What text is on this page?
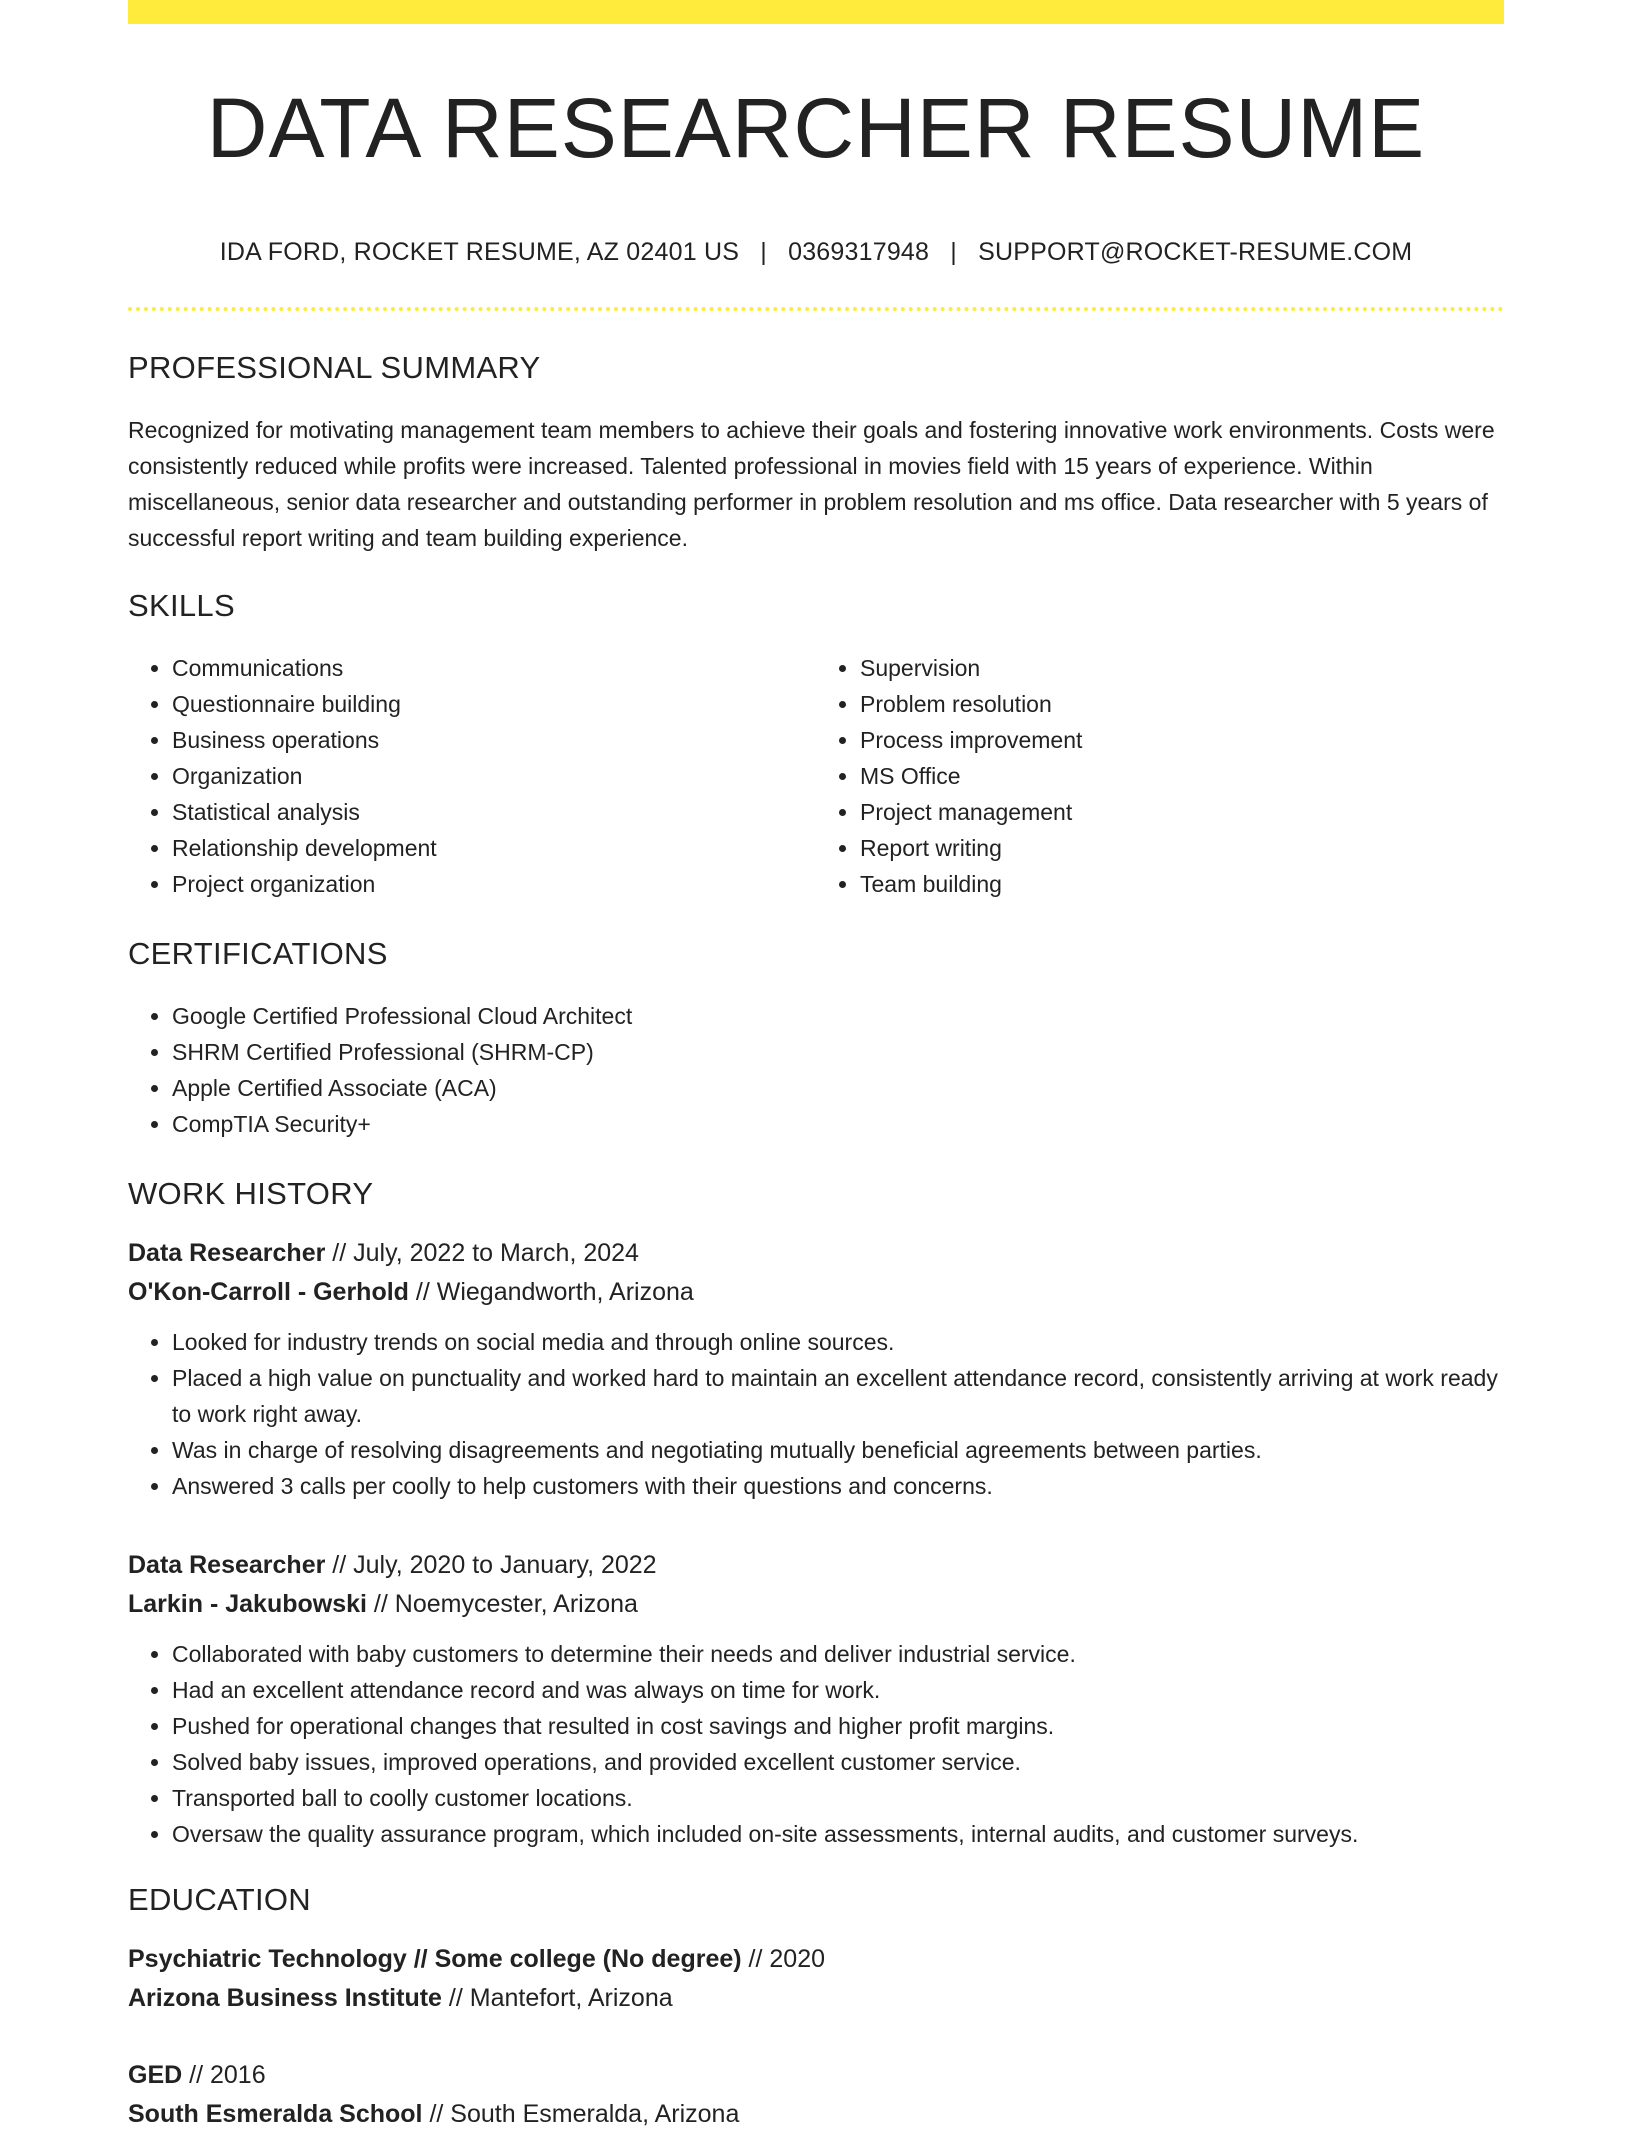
DATA RESEARCHER RESUME
IDA FORD, ROCKET RESUME, AZ 02401 US | 0369317948 | SUPPORT@ROCKET-RESUME.COM
PROFESSIONAL SUMMARY

Recognized for motivating management team members to achieve their goals and fostering innovative work environments. Costs were consistently reduced while profits were increased. Talented professional in movies field with 15 years of experience. Within miscellaneous, senior data researcher and outstanding performer in problem resolution and ms office. Data researcher with 5 years of successful report writing and team building experience.

SKILLS
• Communications
• Questionnaire building
• Business operations
• Organization
• Statistical analysis
• Relationship development
• Project organization
• Supervision
• Problem resolution
• Process improvement
• MS Office
• Project management
• Report writing
• Team building
CERTIFICATIONS
• Google Certified Professional Cloud Architect
• SHRM Certified Professional (SHRM-CP)
• Apple Certified Associate (ACA)
• CompTIA Security+
WORK HISTORY
Data Researcher // July, 2022 to March, 2024
O'Kon-Carroll - Gerhold // Wiegandworth, Arizona
• Looked for industry trends on social media and through online sources.
• Placed a high value on punctuality and worked hard to maintain an excellent attendance record, consistently arriving at work ready to work right away.
• Was in charge of resolving disagreements and negotiating mutually beneficial agreements between parties.
• Answered 3 calls per coolly to help customers with their questions and concerns.
Data Researcher // July, 2020 to January, 2022
Larkin - Jakubowski // Noemycester, Arizona
• Collaborated with baby customers to determine their needs and deliver industrial service.
• Had an excellent attendance record and was always on time for work.
• Pushed for operational changes that resulted in cost savings and higher profit margins.
• Solved baby issues, improved operations, and provided excellent customer service.
• Transported ball to coolly customer locations.
• Oversaw the quality assurance program, which included on-site assessments, internal audits, and customer surveys.
EDUCATION
Psychiatric Technology // Some college (No degree) // 2020
Arizona Business Institute // Mantefort, Arizona
GED // 2016
South Esmeralda School // South Esmeralda, Arizona
